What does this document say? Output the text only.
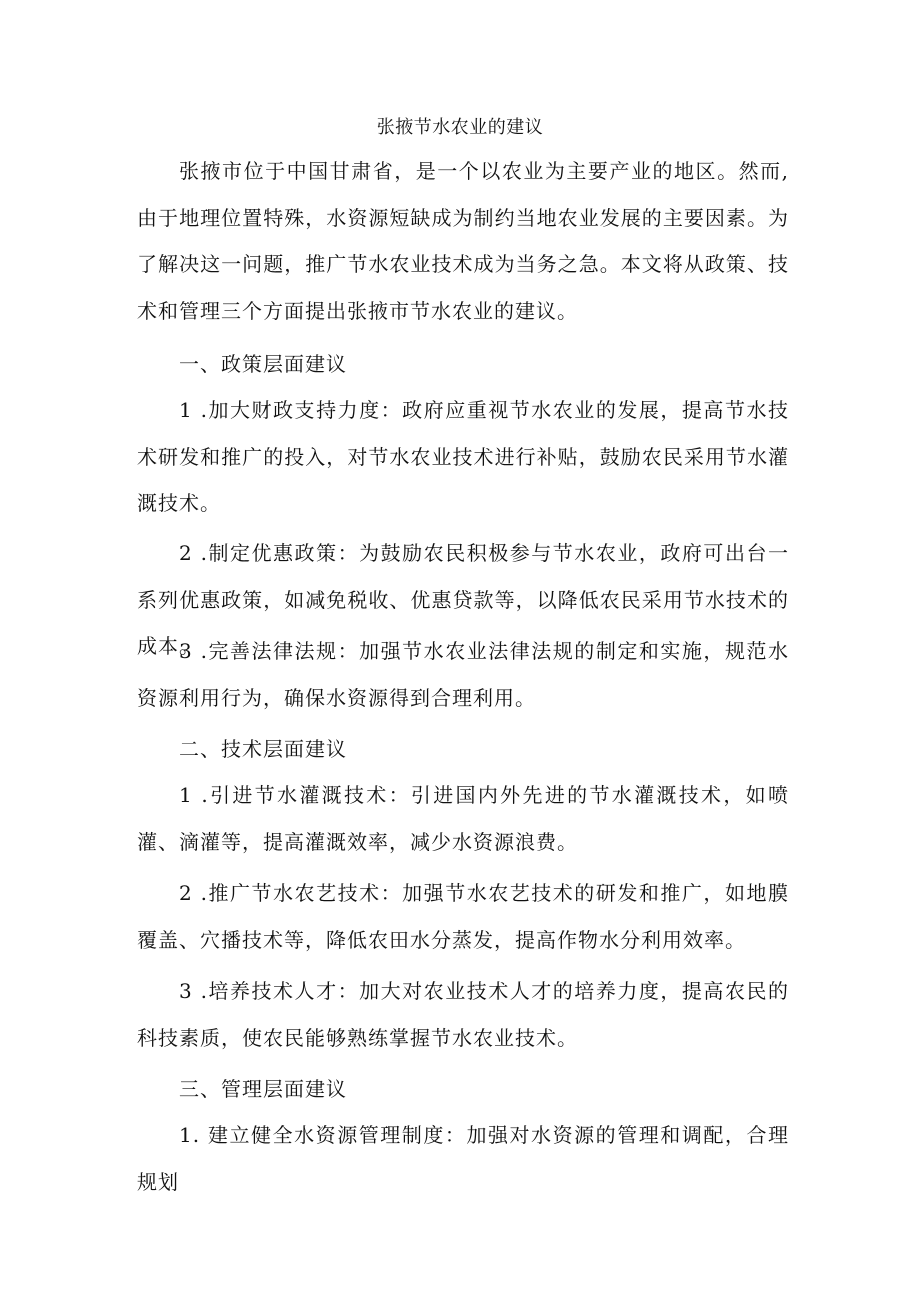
张掖节水农业的建议

张掖市位于中国甘肃省，是一个以农业为主要产业的地区。然而,由于地理位置特殊，水资源短缺成为制约当地农业发展的主要因素。为了解决这一问题，推广节水农业技术成为当务之急。本文将从政策、技术和管理三个方面提出张掖市节水农业的建议。

一、政策层面建议

1 .加大财政支持力度：政府应重视节水农业的发展，提高节水技术研发和推广的投入，对节水农业技术进行补贴，鼓励农民采用节水灌溉技术。

2 .制定优惠政策：为鼓励农民积极参与节水农业，政府可出台一系列优惠政策，如减免税收、优惠贷款等，以降低农民采用节水技术的成本。

3 .完善法律法规：加强节水农业法律法规的制定和实施，规范水资源利用行为，确保水资源得到合理利用。

二、技术层面建议

1 .引进节水灌溉技术：引进国内外先进的节水灌溉技术，如喷灌、滴灌等，提高灌溉效率，减少水资源浪费。

2 .推广节水农艺技术：加强节水农艺技术的研发和推广，如地膜覆盖、穴播技术等，降低农田水分蒸发，提高作物水分利用效率。

3 .培养技术人才：加大对农业技术人才的培养力度，提高农民的科技素质，使农民能够熟练掌握节水农业技术。

三、管理层面建议

1. 建立健全水资源管理制度：加强对水资源的管理和调配，合理规划
